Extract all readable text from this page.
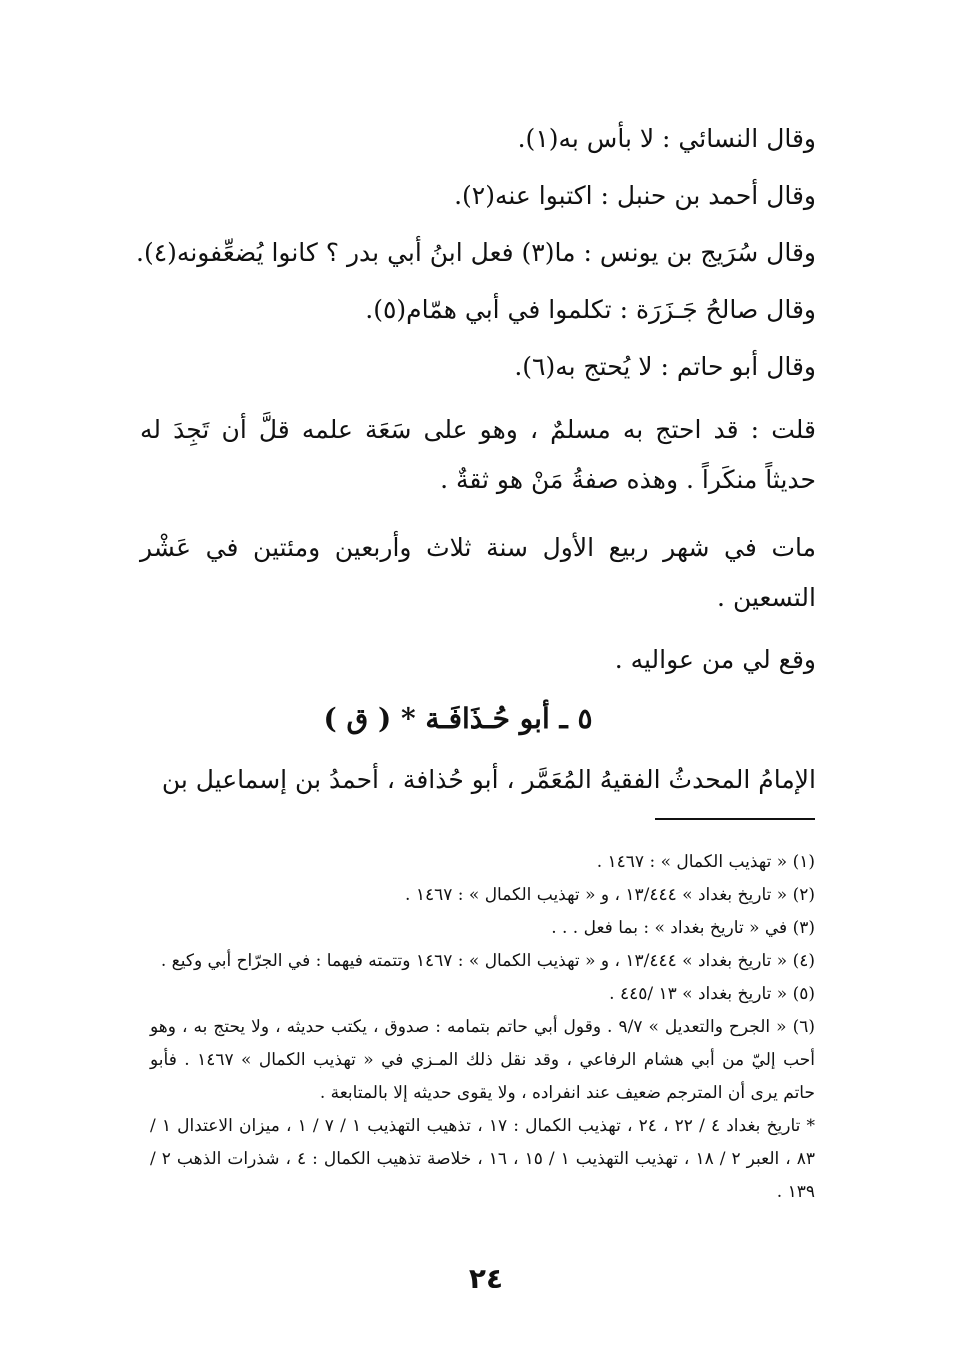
وقال النسائي : لا بأس به(١).

وقال أحمد بن حنبل : اكتبوا عنه(٢).

وقال سُرَيج بن يونس : ما(٣) فعل ابنُ أبي بدر ؟ كانوا يُضعِّفونه(٤).

وقال صالحُ جَـزَرَة : تكلموا في أبي همّام(٥).

وقال أبو حاتم : لا يُحتج به(٦).

قلت : قد احتج به مسلمٌ ، وهو على سَعَة علمه قلَّ أن تَجِدَ له حديثاً منكَراً . وهذه صفةُ مَنْ هو ثقةٌ .

مات في شهر ربيع الأول سنة ثلاث وأربعين ومئتين في عَشْر التسعين .

وقع لي من عواليه .

٥ ـ أبو حُـذَافَـة * ( ق )

الإمامُ المحدثُ الفقيهُ المُعَمَّر ، أبو حُذافة ، أحمدُ بن إسماعيل بن

(١) « تهذيب الكمال » : ١٤٦٧ .

(٢) « تاريخ بغداد » ١٣/٤٤٤ ، و « تهذيب الكمال » : ١٤٦٧ .

(٣) في « تاريخ بغداد » : بما فعل . . .

(٤) « تاريخ بغداد » ١٣/٤٤٤ ، و « تهذيب الكمال » : ١٤٦٧ وتتمته فيهما : في الجرّاح أبي وكيع .

(٥) « تاريخ بغداد » ١٣ /٤٤٥ .

(٦) « الجرح والتعديل » ٩/٧ . وقول أبي حاتم بتمامه : صدوق ، يكتب حديثه ، ولا يحتج به ، وهو أحب إليّ من أبي هشام الرفاعي ، وقد نقل ذلك المـزي في « تهذيب الكمال » ١٤٦٧ . فأبو حاتم يرى أن المترجم ضعيف عند انفراده ، ولا يقوى حديثه إلا بالمتابعة .

* تاريخ بغداد ٤ / ٢٢ ، ٢٤ ، تهذيب الكمال : ١٧ ، تذهيب التهذيب ١ / ٧ / ١ ، ميزان الاعتدال ١ / ٨٣ ، العبر ٢ / ١٨ ، تهذيب التهذيب ١ / ١٥ ، ١٦ ، خلاصة تذهيب الكمال : ٤ ، شذرات الذهب ٢ / ١٣٩ .

٢٤
